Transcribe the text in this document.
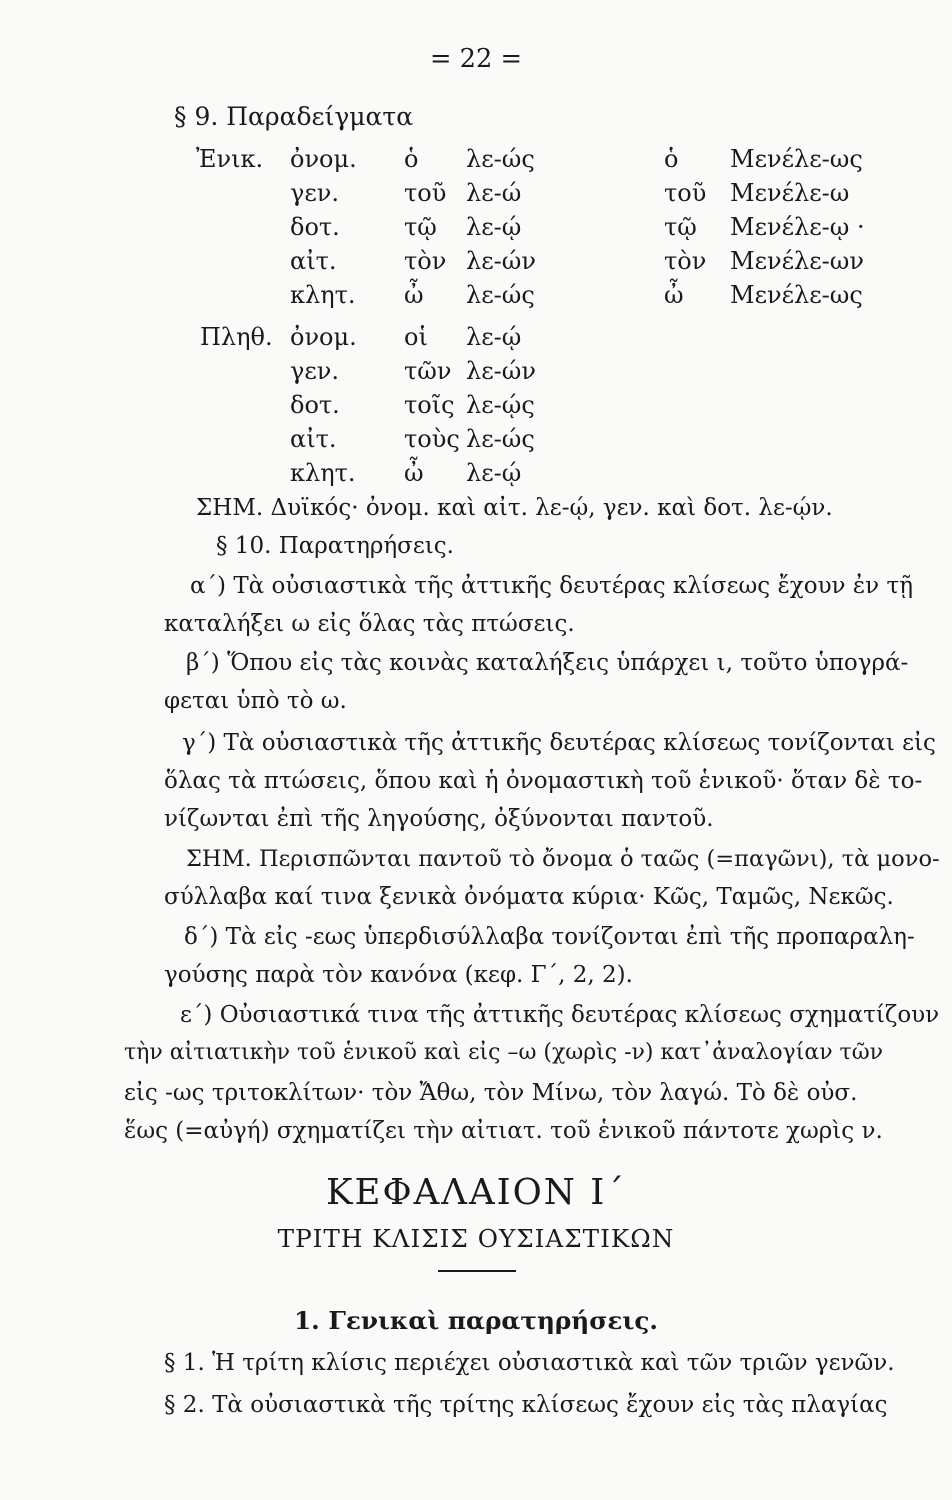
= 22 =
§ 9. Παραδείγματα
Ἐνικ. ὀνομ. ὁ λε-ώς	ὁ Μενέλε-ως
γεν.	τοῦ λε-ώ	τοῦ Μενέλε-ω
δοτ.	τῷ λε-ῴ	τῷ Μενέλε-ῳ ·
αἰτ.	τὸν λε-ών	τὸν Μενέλε-ων
κλητ. ὦ λε-ώς	ὦ Μενέλε-ως
Πληθ. ὀνομ. οἱ λε-ῴ
γεν.	τῶν λε-ών
δοτ.	τοῖς λε-ῴς
αἰτ.	τοὺς λε-ώς
κλητ. ὦ λε-ῴ
ΣΗΜ. Δυϊκός· ὀνομ. καὶ αἰτ. λε-ῴ, γεν. καὶ δοτ. λε-ῴν.
§ 10. Παρατηρήσεις.
α΄) Τὰ οὐσιαστικὰ τῆς ἀττικῆς δευτέρας κλίσεως ἔχουν ἐν τῇ
καταλήξει ω εἰς ὅλας τὰς πτώσεις.
β΄) Ὅπου εἰς τὰς κοινὰς καταλήξεις ὑπάρχει ι, τοῦτο ὑπογρά-
φεται ὑπὸ τὸ ω.
γ΄) Τὰ οὐσιαστικὰ τῆς ἀττικῆς δευτέρας κλίσεως τονίζονται εἰς
ὅλας τὰ πτώσεις, ὅπου καὶ ἡ ὀνομαστικὴ τοῦ ἑνικοῦ· ὅταν δὲ το-
νίζωνται ἐπὶ τῆς ληγούσης, ὀξύνονται παντοῦ.
ΣΗΜ. Περισπῶνται παντοῦ τὸ ὄνομα ὁ ταῶς (=παγῶνι), τὰ μονο-
σύλλαβα καί τινα ξενικὰ ὀνόματα κύρια· Κῶς, Ταμῶς, Νεκῶς.
δ΄) Τὰ εἰς -εως ὑπερδισύλλαβα τονίζονται ἐπὶ τῆς προπαραλη-
γούσης παρὰ τὸν κανόνα (κεφ. Γ΄, 2, 2).
ε΄) Οὐσιαστικά τινα τῆς ἀττικῆς δευτέρας κλίσεως σχηματίζουν
τὴν αἰτιατικὴν τοῦ ἑνικοῦ καὶ εἰς –ω (χωρὶς -ν) κατ᾿ἀναλογίαν τῶν
εἰς -ως τριτοκλίτων· τὸν Ἄθω, τὸν Μίνω, τὸν λαγώ. Τὸ δὲ οὐσ.
ἕως (=αὐγή) σχηματίζει τὴν αἰτιατ. τοῦ ἑνικοῦ πάντοτε χωρὶς ν.
ΚΕΦΑΛΑΙΟΝ Ι΄
ΤΡΙΤΗ ΚΛΙΣΙΣ ΟΥΣΙΑΣΤΙΚΩΝ
1. Γενικαὶ παρατηρήσεις.
§ 1. Ἡ τρίτη κλίσις περιέχει οὐσιαστικὰ καὶ τῶν τριῶν γενῶν.
§ 2. Τὰ οὐσιαστικὰ τῆς τρίτης κλίσεως ἔχουν εἰς τὰς πλαγίας
